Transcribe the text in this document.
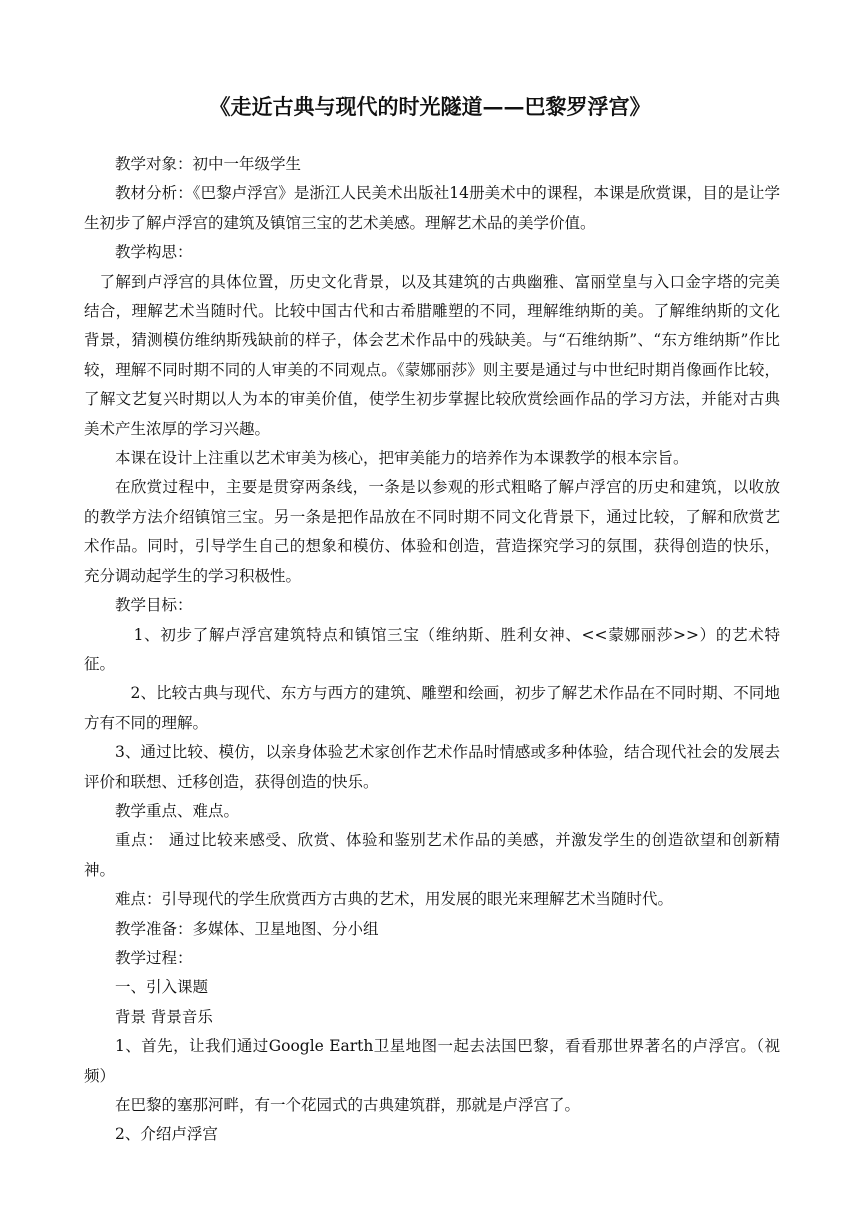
《走近古典与现代的时光隧道——巴黎罗浮宫》

教学对象：初中一年级学生

教材分析：《巴黎卢浮宫》是浙江人民美术出版社14册美术中的课程，本课是欣赏课，目的是让学生初步了解卢浮宫的建筑及镇馆三宝的艺术美感。理解艺术品的美学价值。

教学构思：

了解到卢浮宫的具体位置，历史文化背景，以及其建筑的古典幽雅、富丽堂皇与入口金字塔的完美结合，理解艺术当随时代。比较中国古代和古希腊雕塑的不同，理解维纳斯的美。了解维纳斯的文化背景，猜测模仿维纳斯残缺前的样子，体会艺术作品中的残缺美。与“石维纳斯”、“东方维纳斯”作比较，理解不同时期不同的人审美的不同观点。《蒙娜丽莎》则主要是通过与中世纪时期肖像画作比较，了解文艺复兴时期以人为本的审美价值，使学生初步掌握比较欣赏绘画作品的学习方法，并能对古典美术产生浓厚的学习兴趣。

本课在设计上注重以艺术审美为核心，把审美能力的培养作为本课教学的根本宗旨。

在欣赏过程中，主要是贯穿两条线，一条是以参观的形式粗略了解卢浮宫的历史和建筑，以收放的教学方法介绍镇馆三宝。另一条是把作品放在不同时期不同文化背景下，通过比较，了解和欣赏艺术作品。同时，引导学生自己的想象和模仿、体验和创造，营造探究学习的氛围，获得创造的快乐，充分调动起学生的学习积极性。

教学目标：

1、初步了解卢浮宫建筑特点和镇馆三宝（维纳斯、胜利女神、<<蒙娜丽莎>>）的艺术特征。

2、比较古典与现代、东方与西方的建筑、雕塑和绘画，初步了解艺术作品在不同时期、不同地方有不同的理解。

3、通过比较、模仿，以亲身体验艺术家创作艺术作品时情感或多种体验，结合现代社会的发展去评价和联想、迁移创造，获得创造的快乐。

教学重点、难点。

重点： 通过比较来感受、欣赏、体验和鉴别艺术作品的美感，并激发学生的创造欲望和创新精神。

难点：引导现代的学生欣赏西方古典的艺术，用发展的眼光来理解艺术当随时代。

教学准备：多媒体、卫星地图、分小组

教学过程：

一、引入课题

背景 背景音乐

1、首先，让我们通过Google Earth卫星地图一起去法国巴黎，看看那世界著名的卢浮宫。（视频）

在巴黎的塞那河畔，有一个花园式的古典建筑群，那就是卢浮宫了。

2、介绍卢浮宫
